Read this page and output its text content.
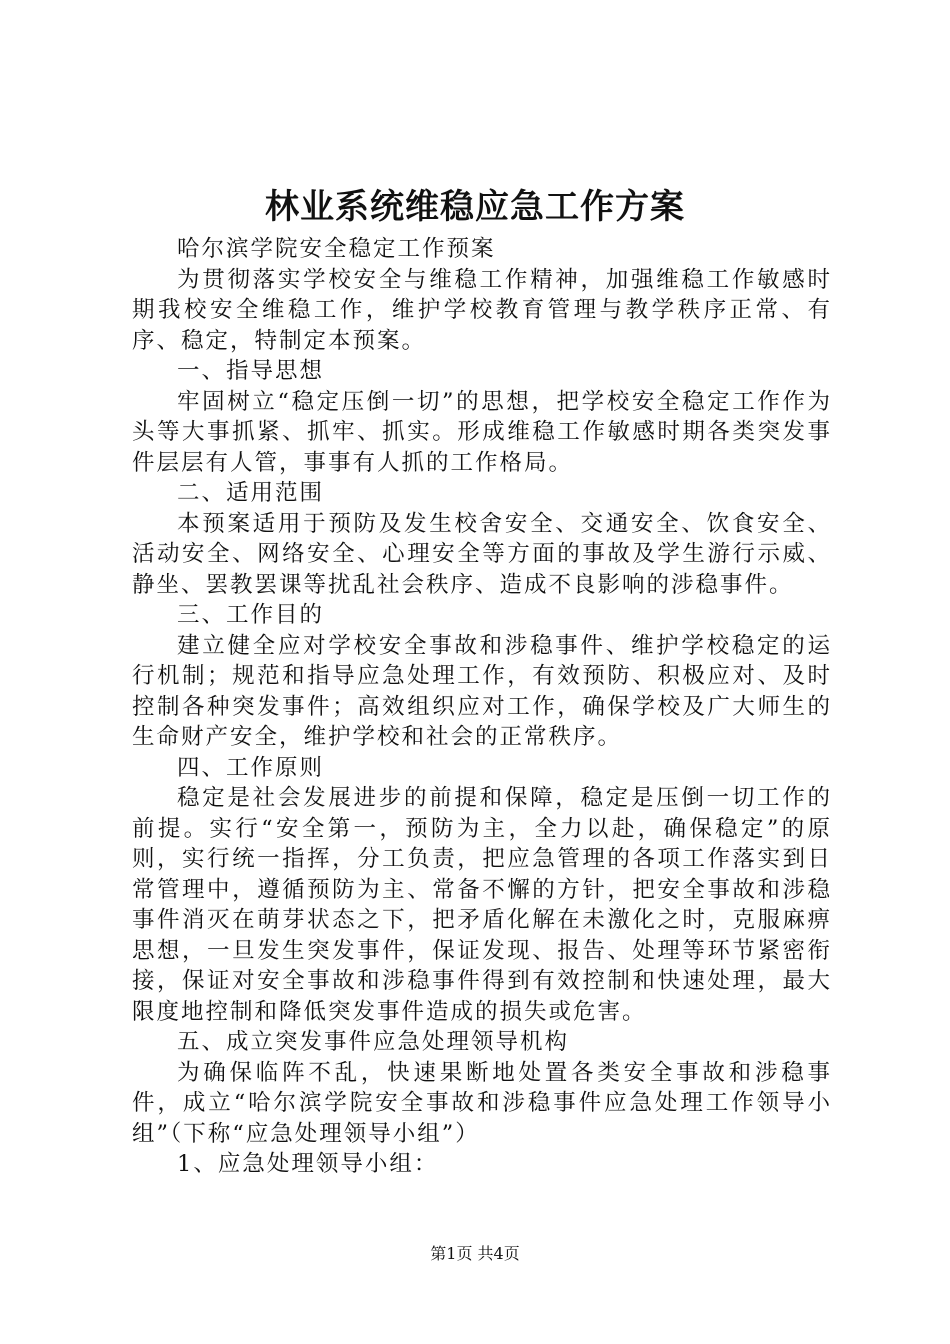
林业系统维稳应急工作方案

哈尔滨学院安全稳定工作预案

为贯彻落实学校安全与维稳工作精神，加强维稳工作敏感时期我校安全维稳工作，维护学校教育管理与教学秩序正常、有序、稳定，特制定本预案。

一、指导思想

牢固树立“稳定压倒一切”的思想，把学校安全稳定工作作为头等大事抓紧、抓牢、抓实。形成维稳工作敏感时期各类突发事件层层有人管，事事有人抓的工作格局。

二、适用范围

本预案适用于预防及发生校舍安全、交通安全、饮食安全、活动安全、网络安全、心理安全等方面的事故及学生游行示威、静坐、罢教罢课等扰乱社会秩序、造成不良影响的涉稳事件。

三、工作目的

建立健全应对学校安全事故和涉稳事件、维护学校稳定的运行机制；规范和指导应急处理工作，有效预防、积极应对、及时控制各种突发事件；高效组织应对工作，确保学校及广大师生的生命财产安全，维护学校和社会的正常秩序。

四、工作原则

稳定是社会发展进步的前提和保障，稳定是压倒一切工作的前提。实行“安全第一，预防为主，全力以赴，确保稳定”的原则，实行统一指挥，分工负责，把应急管理的各项工作落实到日常管理中，遵循预防为主、常备不懈的方针，把安全事故和涉稳事件消灭在萌芽状态之下，把矛盾化解在未激化之时，克服麻痹思想，一旦发生突发事件，保证发现、报告、处理等环节紧密衔接，保证对安全事故和涉稳事件得到有效控制和快速处理，最大限度地控制和降低突发事件造成的损失或危害。

五、成立突发事件应急处理领导机构

为确保临阵不乱，快速果断地处置各类安全事故和涉稳事件，成立“哈尔滨学院安全事故和涉稳事件应急处理工作领导小组”（下称“应急处理领导小组”）

1、应急处理领导小组：

第1页 共4页
